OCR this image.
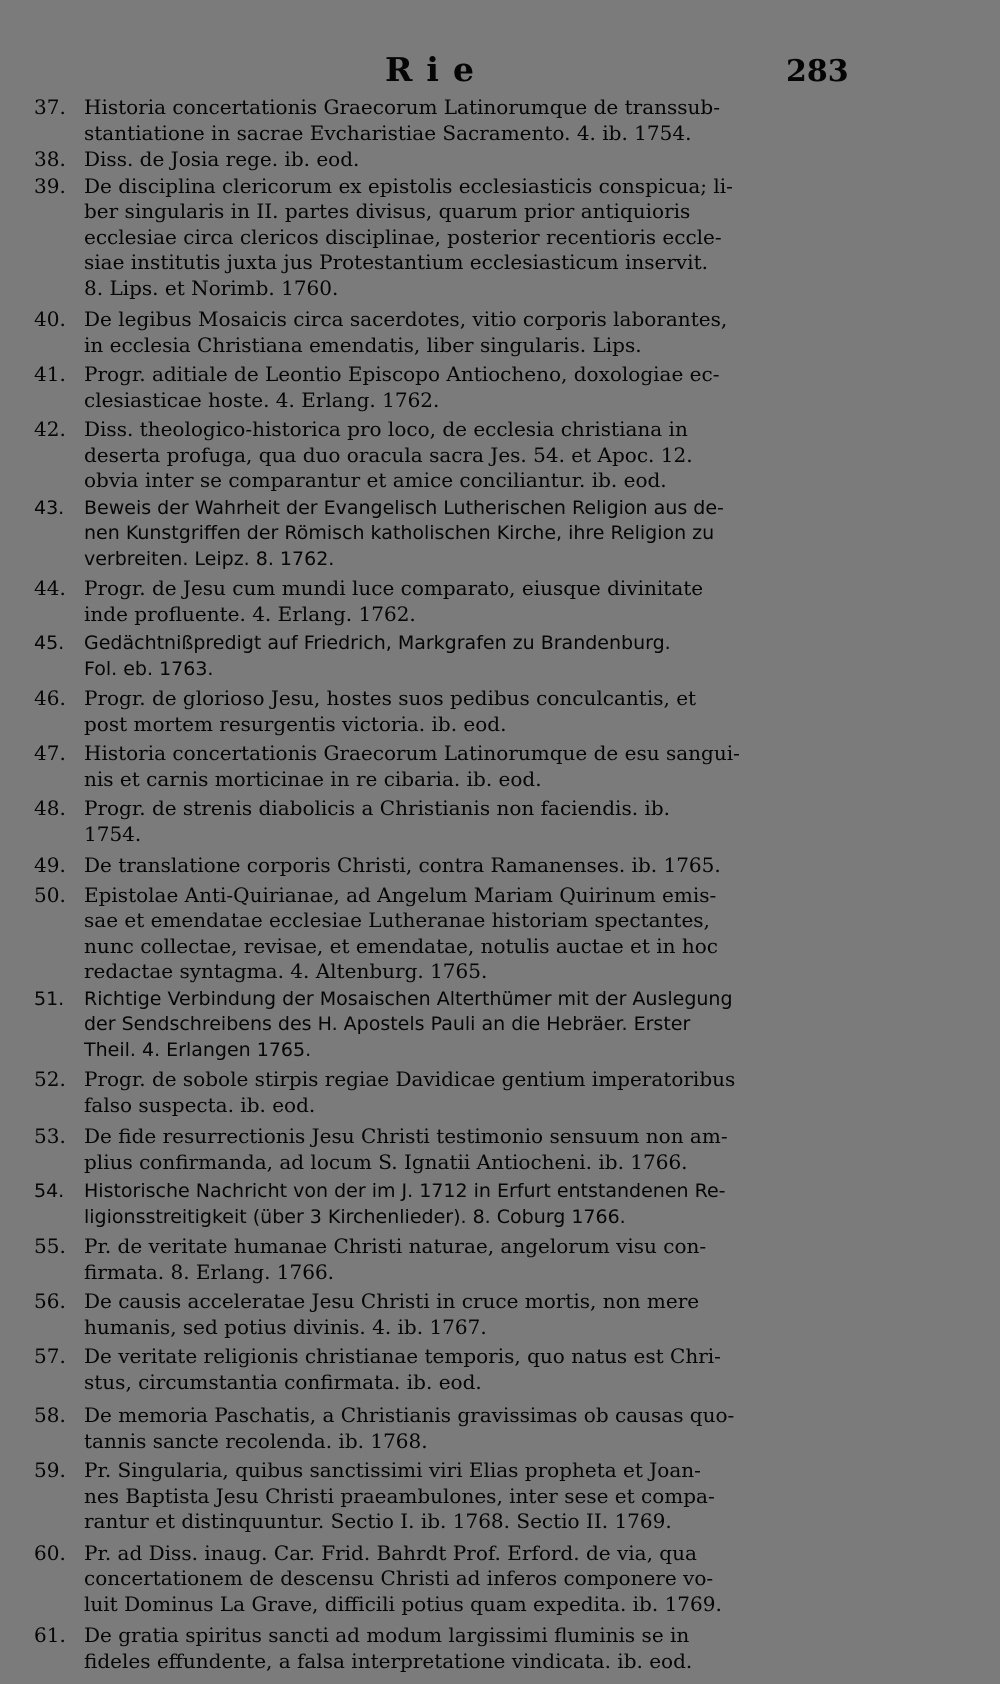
Rie	283
37. Historia concertationis Graecorum Latinorumque de transsub-
stantiatione in sacrae Evcharistiae Sacramento. 4. ib. 1754.
38. Diss. de Josia rege. ib. eod.
39. De disciplina clericorum ex epistolis ecclesiasticis conspicua; li-
ber singularis in II. partes divisus, quarum prior antiquioris
ecclesiae circa clericos disciplinae, posterior recentioris eccle-
siae institutis juxta jus Protestantium ecclesiasticum inservit.
8. Lips. et Norimb. 1760.
40. De legibus Mosaicis circa sacerdotes, vitio corporis laborantes,
in ecclesia Christiana emendatis, liber singularis. Lips.
41. Progr. aditiale de Leontio Episcopo Antiocheno, doxologiae ec-
clesiasticae hoste. 4. Erlang. 1762.
42. Diss. theologico-historica pro loco, de ecclesia christiana in
deserta profuga, qua duo oracula sacra Jes. 54. et Apoc. 12.
obvia inter se comparantur et amice conciliantur. ib. eod.
43.	Beweis der Wahrheit der Evangelisch Lutherischen Religion aus de-
nen Kunstgriffen der Römisch katholischen Kirche, ihre Religion zu
verbreiten. Leipz. 8. 1762.
44. Progr. de Jesu cum mundi luce comparato, eiusque divinitate
inde profluente. 4. Erlang. 1762.
45.	Gedächtnißpredigt auf Friedrich, Markgrafen zu Brandenburg.
Fol. eb. 1763.
46. Progr. de glorioso Jesu, hostes suos pedibus conculcantis, et
post mortem resurgentis victoria. ib. eod.
47. Historia concertationis Graecorum Latinorumque de esu sangui-
nis et carnis morticinae in re cibaria. ib. eod.
48. Progr. de strenis diabolicis a Christianis non faciendis. ib.
1754.
49. De translatione corporis Christi, contra Ramanenses. ib. 1765.
50. Epistolae Anti-Quirianae, ad Angelum Mariam Quirinum emis-
sae et emendatae ecclesiae Lutheranae historiam spectantes,
nunc collectae, revisae, et emendatae, notulis auctae et in hoc
redactae syntagma. 4. Altenburg. 1765.
51.	Richtige Verbindung der Mosaischen Alterthümer mit der Auslegung
der Sendschreibens des H. Apostels Pauli an die Hebräer. Erster
Theil. 4. Erlangen 1765.
52. Progr. de sobole stirpis regiae Davidicae gentium imperatoribus
falso suspecta. ib. eod.
53. De fide resurrectionis Jesu Christi testimonio sensuum non am-
plius confirmanda, ad locum S. Ignatii Antiocheni. ib. 1766.
54.	Historische Nachricht von der im J. 1712 in Erfurt entstandenen Re-
ligionsstreitigkeit (über 3 Kirchenlieder). 8. Coburg 1766.
55. Pr. de veritate humanae Christi naturae, angelorum visu con-
firmata. 8. Erlang. 1766.
56. De causis acceleratae Jesu Christi in cruce mortis, non mere
humanis, sed potius divinis. 4. ib. 1767.
57. De veritate religionis christianae temporis, quo natus est Chri-
stus, circumstantia confirmata. ib. eod.
58. De memoria Paschatis, a Christianis gravissimas ob causas quo-
tannis sancte recolenda. ib. 1768.
59. Pr. Singularia, quibus sanctissimi viri Elias propheta et Joan-
nes Baptista Jesu Christi praeambulones, inter sese et compa-
rantur et distinquuntur. Sectio I. ib. 1768. Sectio II. 1769.
60. Pr. ad Diss. inaug. Car. Frid. Bahrdt Prof. Erford. de via, qua
concertationem de descensu Christi ad inferos componere vo-
luit Dominus La Grave, difficili potius quam expedita. ib. 1769.
61. De gratia spiritus sancti ad modum largissimi fluminis se in
fideles effundente, a falsa interpretatione vindicata. ib. eod.
